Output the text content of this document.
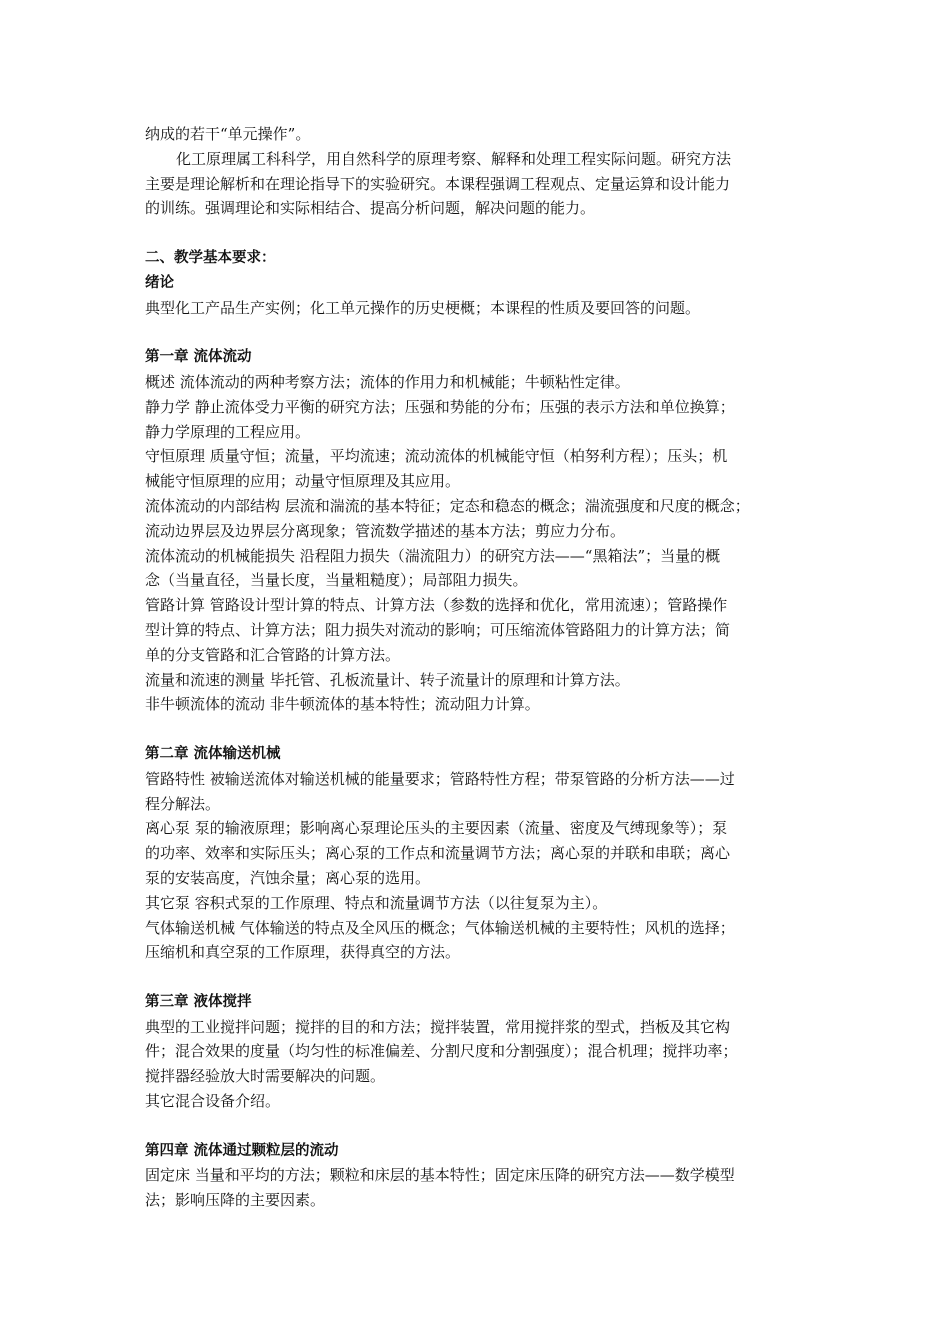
纳成的若干“单元操作”。
化工原理属工科科学，用自然科学的原理考察、解释和处理工程实际问题。研究方法
主要是理论解析和在理论指导下的实验研究。本课程强调工程观点、定量运算和设计能力
的训练。强调理论和实际相结合、提高分析问题，解决问题的能力。
二、教学基本要求：
绪论
典型化工产品生产实例；化工单元操作的历史梗概；本课程的性质及要回答的问题。
第一章 流体流动
概述 流体流动的两种考察方法；流体的作用力和机械能；牛顿粘性定律。
静力学 静止流体受力平衡的研究方法；压强和势能的分布；压强的表示方法和单位换算；
静力学原理的工程应用。
守恒原理 质量守恒；流量，平均流速；流动流体的机械能守恒（柏努利方程）；压头；机
械能守恒原理的应用；动量守恒原理及其应用。
流体流动的内部结构 层流和湍流的基本特征；定态和稳态的概念；湍流强度和尺度的概念；
流动边界层及边界层分离现象；管流数学描述的基本方法；剪应力分布。
流体流动的机械能损失 沿程阻力损失（湍流阻力）的研究方法——“黑箱法”；当量的概
念（当量直径，当量长度，当量粗糙度）；局部阻力损失。
管路计算 管路设计型计算的特点、计算方法（参数的选择和优化，常用流速）；管路操作
型计算的特点、计算方法；阻力损失对流动的影响；可压缩流体管路阻力的计算方法；简
单的分支管路和汇合管路的计算方法。
流量和流速的测量 毕托管、孔板流量计、转子流量计的原理和计算方法。
非牛顿流体的流动 非牛顿流体的基本特性；流动阻力计算。
第二章 流体输送机械
管路特性 被输送流体对输送机械的能量要求；管路特性方程；带泵管路的分析方法——过
程分解法。
离心泵 泵的输液原理；影响离心泵理论压头的主要因素（流量、密度及气缚现象等）；泵
的功率、效率和实际压头；离心泵的工作点和流量调节方法；离心泵的并联和串联；离心
泵的安装高度，汽蚀余量；离心泵的选用。
其它泵 容积式泵的工作原理、特点和流量调节方法（以往复泵为主）。
气体输送机械 气体输送的特点及全风压的概念；气体输送机械的主要特性；风机的选择；
压缩机和真空泵的工作原理，获得真空的方法。
第三章 液体搅拌
典型的工业搅拌问题；搅拌的目的和方法；搅拌装置，常用搅拌浆的型式，挡板及其它构
件；混合效果的度量（均匀性的标准偏差、分割尺度和分割强度）；混合机理；搅拌功率；
搅拌器经验放大时需要解决的问题。
其它混合设备介绍。
第四章 流体通过颗粒层的流动
固定床 当量和平均的方法；颗粒和床层的基本特性；固定床压降的研究方法——数学模型
法；影响压降的主要因素。
